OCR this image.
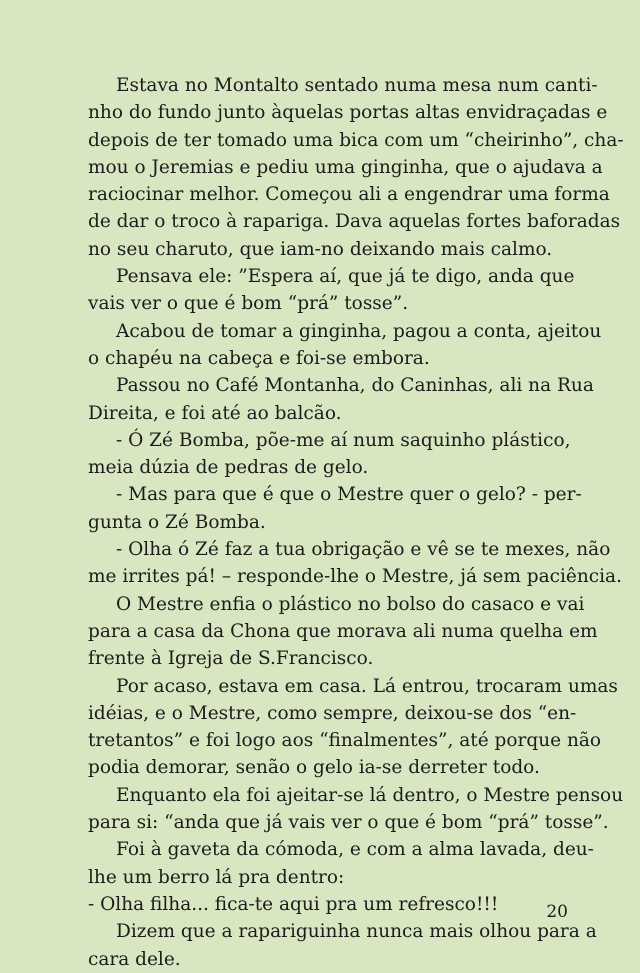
Estava no Montalto sentado numa mesa num canti-
nho do fundo junto àquelas portas altas envidraçadas e
depois de ter tomado uma bica com um “cheirinho”, cha-
mou o Jeremias e pediu uma ginginha, que o ajudava a
raciocinar melhor. Começou ali a engendrar uma forma
de dar o troco à rapariga. Dava aquelas fortes baforadas
no seu charuto, que iam-no deixando mais calmo.
Pensava ele: ”Espera aí, que já te digo, anda que
vais ver o que é bom “prá” tosse”.
Acabou de tomar a ginginha, pagou a conta, ajeitou
o chapéu na cabeça e foi-se embora.
Passou no Café Montanha, do Caninhas, ali na Rua
Direita, e foi até ao balcão.
- Ó Zé Bomba, põe-me aí num saquinho plástico,
meia dúzia de pedras de gelo.
- Mas para que é que o Mestre quer o gelo? - per-
gunta o Zé Bomba.
- Olha ó Zé faz a tua obrigação e vê se te mexes, não
me irrites pá! – responde-lhe o Mestre, já sem paciência.
O Mestre enfia o plástico no bolso do casaco e vai
para a casa da Chona que morava ali numa quelha em
frente à Igreja de S.Francisco.
Por acaso, estava em casa. Lá entrou, trocaram umas
idéias, e o Mestre, como sempre, deixou-se dos “en-
tretantos” e foi logo aos “finalmentes”, até porque não
podia demorar, senão o gelo ia-se derreter todo.
Enquanto ela foi ajeitar-se lá dentro, o Mestre pensou
para si: “anda que já vais ver o que é bom “prá” tosse”.
Foi à gaveta da cómoda, e com a alma lavada, deu-
lhe um berro lá pra dentro:
- Olha filha... fica-te aqui pra um refresco!!!
Dizem que a rapariguinha nunca mais olhou para a
cara dele.
20
